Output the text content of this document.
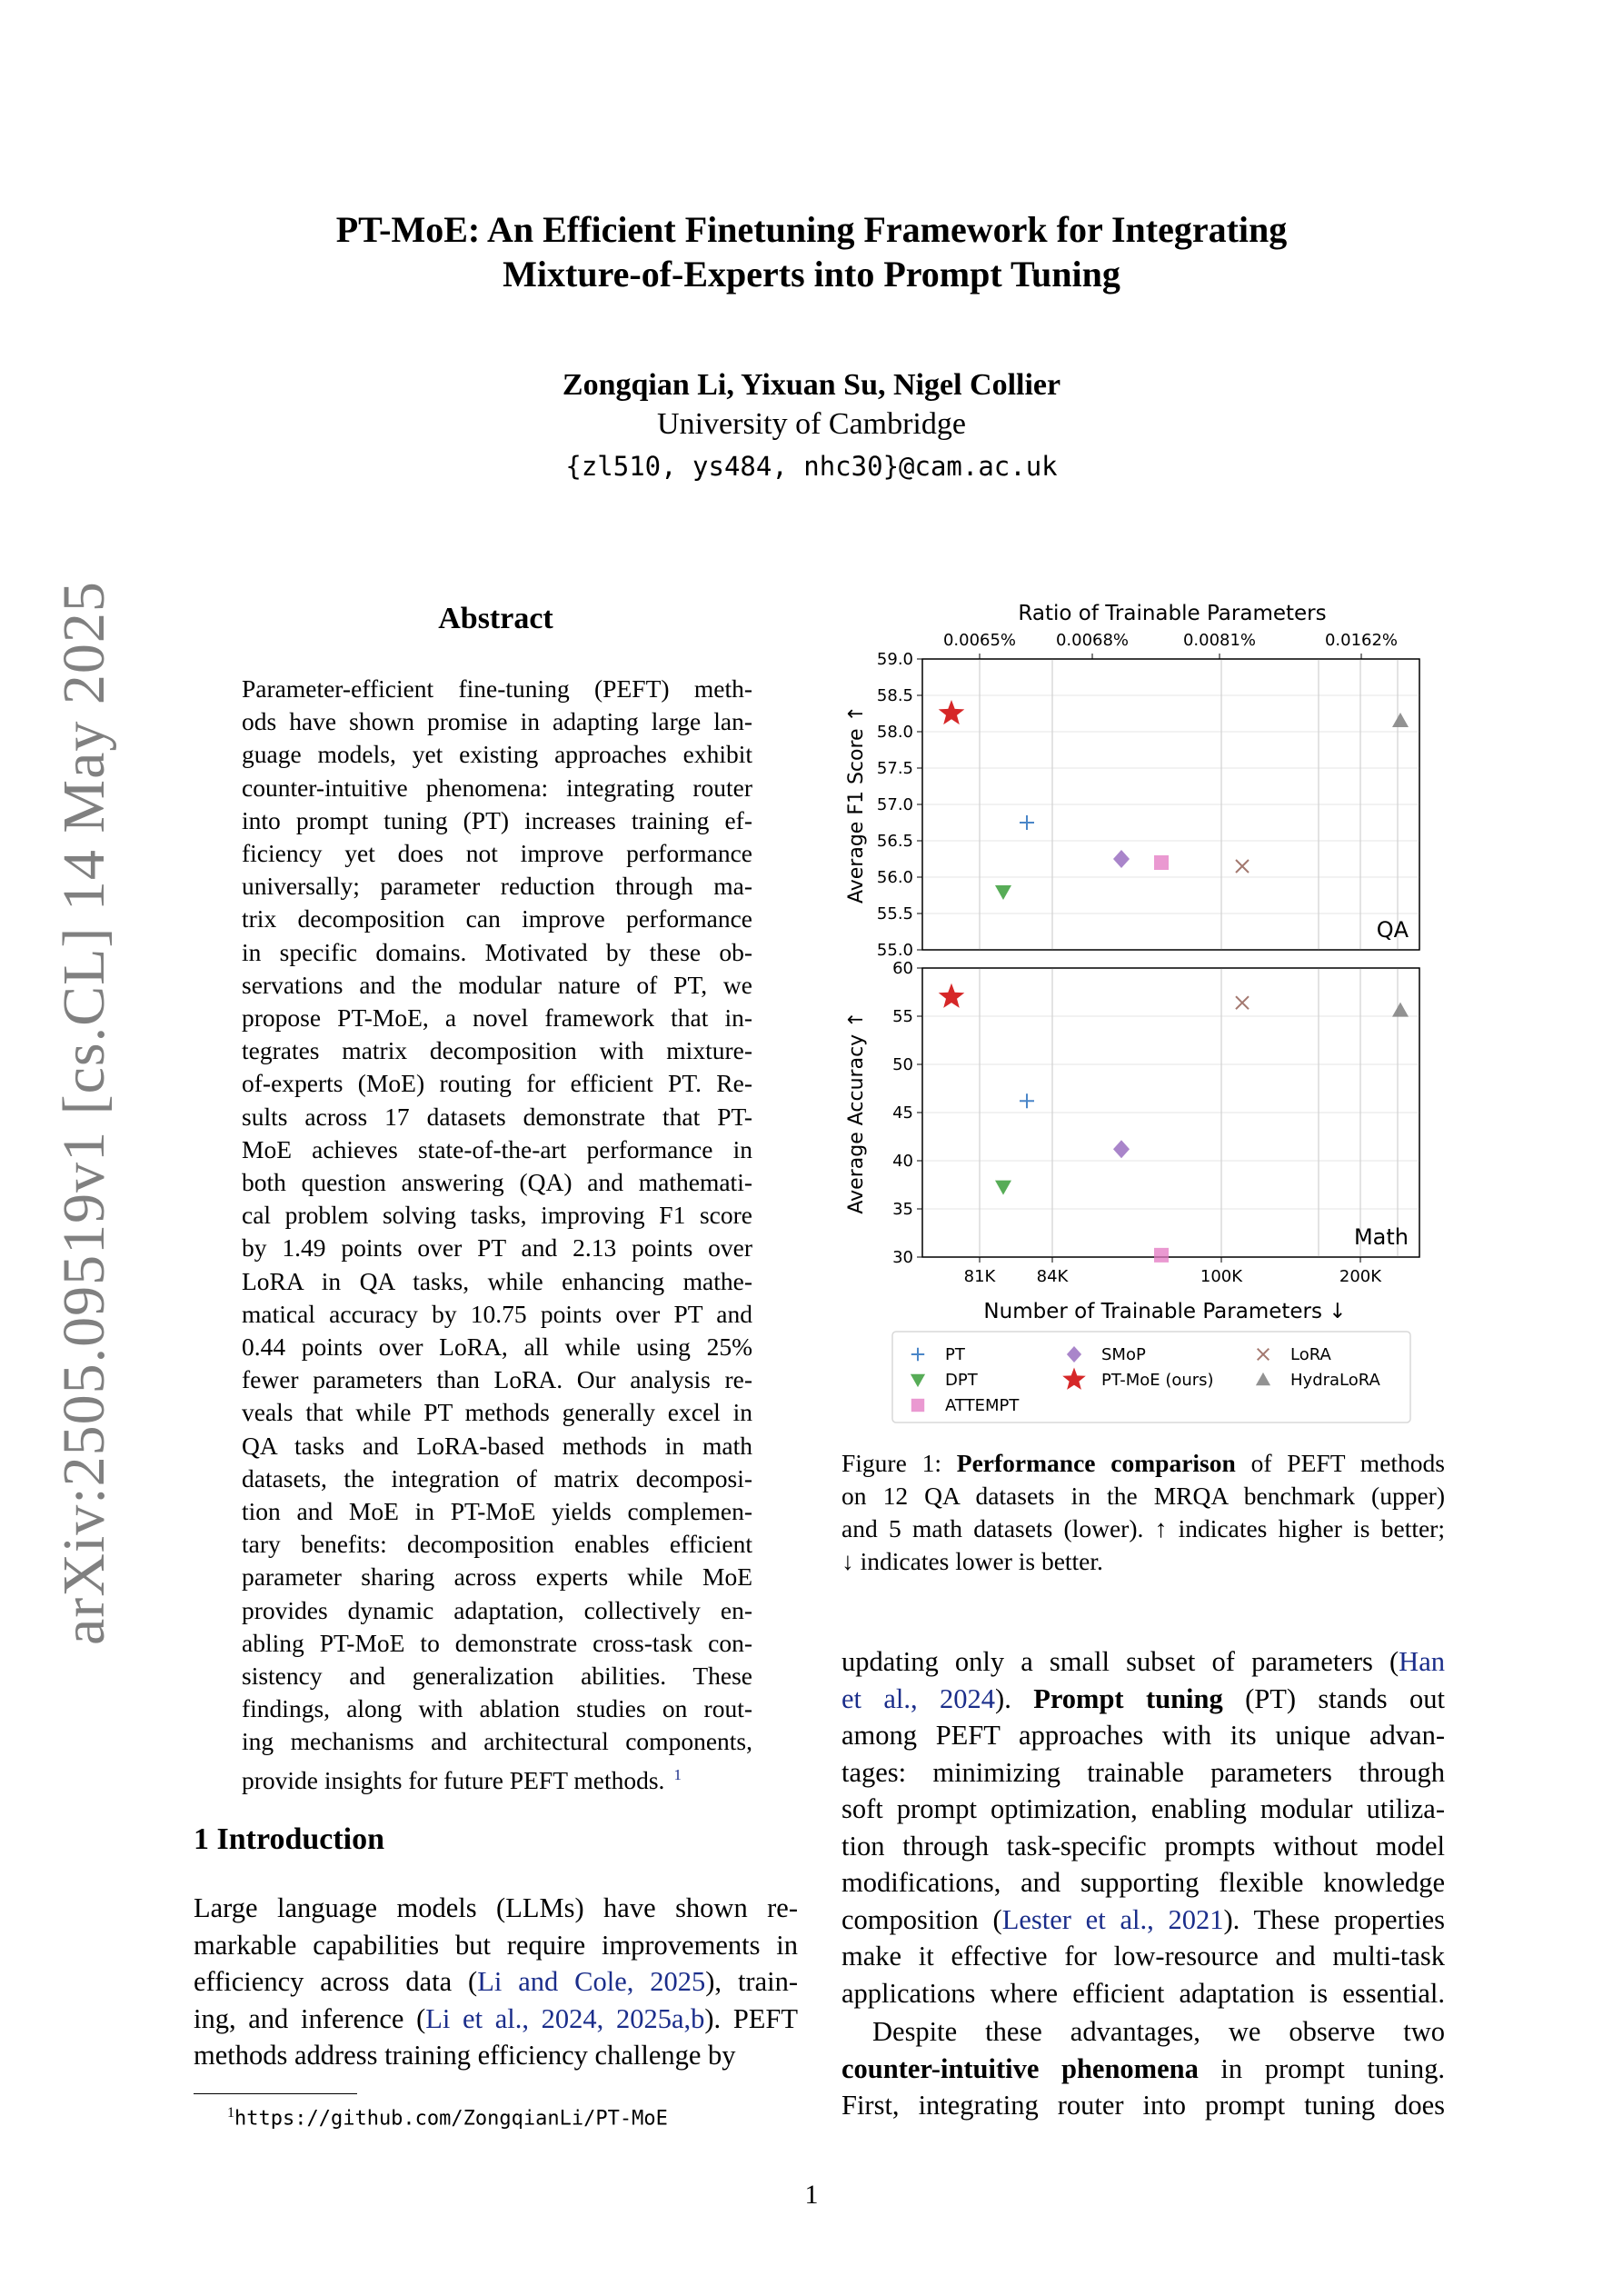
arXiv:2505.09519v1 [cs.CL] 14 May 2025
PT-MoE: An Efficient Finetuning Framework for Integrating
Mixture-of-Experts into Prompt Tuning
Zongqian Li, Yixuan Su, Nigel Collier
University of Cambridge
{zl510, ys484, nhc30}@cam.ac.uk
Abstract
Parameter-efficient fine-tuning (PEFT) meth-
ods have shown promise in adapting large lan-
guage models, yet existing approaches exhibit
counter-intuitive phenomena: integrating router
into prompt tuning (PT) increases training ef-
ficiency yet does not improve performance
universally; parameter reduction through ma-
trix decomposition can improve performance
in specific domains. Motivated by these ob-
servations and the modular nature of PT, we
propose PT-MoE, a novel framework that in-
tegrates matrix decomposition with mixture-
of-experts (MoE) routing for efficient PT. Re-
sults across 17 datasets demonstrate that PT-
MoE achieves state-of-the-art performance in
both question answering (QA) and mathemati-
cal problem solving tasks, improving F1 score
by 1.49 points over PT and 2.13 points over
LoRA in QA tasks, while enhancing mathe-
matical accuracy by 10.75 points over PT and
0.44 points over LoRA, all while using 25%
fewer parameters than LoRA. Our analysis re-
veals that while PT methods generally excel in
QA tasks and LoRA-based methods in math
datasets, the integration of matrix decomposi-
tion and MoE in PT-MoE yields complemen-
tary benefits: decomposition enables efficient
parameter sharing across experts while MoE
provides dynamic adaptation, collectively en-
abling PT-MoE to demonstrate cross-task con-
sistency and generalization abilities. These
findings, along with ablation studies on rout-
ing mechanisms and architectural components,
provide insights for future PEFT methods. $^1$
1 Introduction
Large language models (LLMs) have shown re-
markable capabilities but require improvements in
efficiency across data (Li and Cole, 2025), train-
ing, and inference (Li et al., 2024, 2025a,b). PEFT
methods address training efficiency challenge by
$^1$https://github.com/ZongqianLi/PT-MoE
1
Ratio of Trainable Parameters
0.0065% 0.0068%	0.0081%	0.0162%
55.0
55.5
56.0
56.5
57.0
57.5
58.0
58.5
59.0
Average F1 Score ↑
QA
30
35
40
45
50
55
60
Average Accuracy ↑
Math
81K	84K	100K	200K
Number of Trainable Parameters ↓
PT
DPT
ATTEMPT
SMoP
PT-MoE (ours)
LoRA
HydraLoRA
Figure 1: Performance comparison of PEFT methods
on 12 QA datasets in the MRQA benchmark (upper)
and 5 math datasets (lower). ↑ indicates higher is better;
↓ indicates lower is better.
updating only a small subset of parameters (Han
et al., 2024). Prompt tuning (PT) stands out
among PEFT approaches with its unique advan-
tages: minimizing trainable parameters through
soft prompt optimization, enabling modular utiliza-
tion through task-specific prompts without model
modifications, and supporting flexible knowledge
composition (Lester et al., 2021). These properties
make it effective for low-resource and multi-task
applications where efficient adaptation is essential.
Despite these advantages, we observe two
counter-intuitive phenomena in prompt tuning.
First, integrating router into prompt tuning does
